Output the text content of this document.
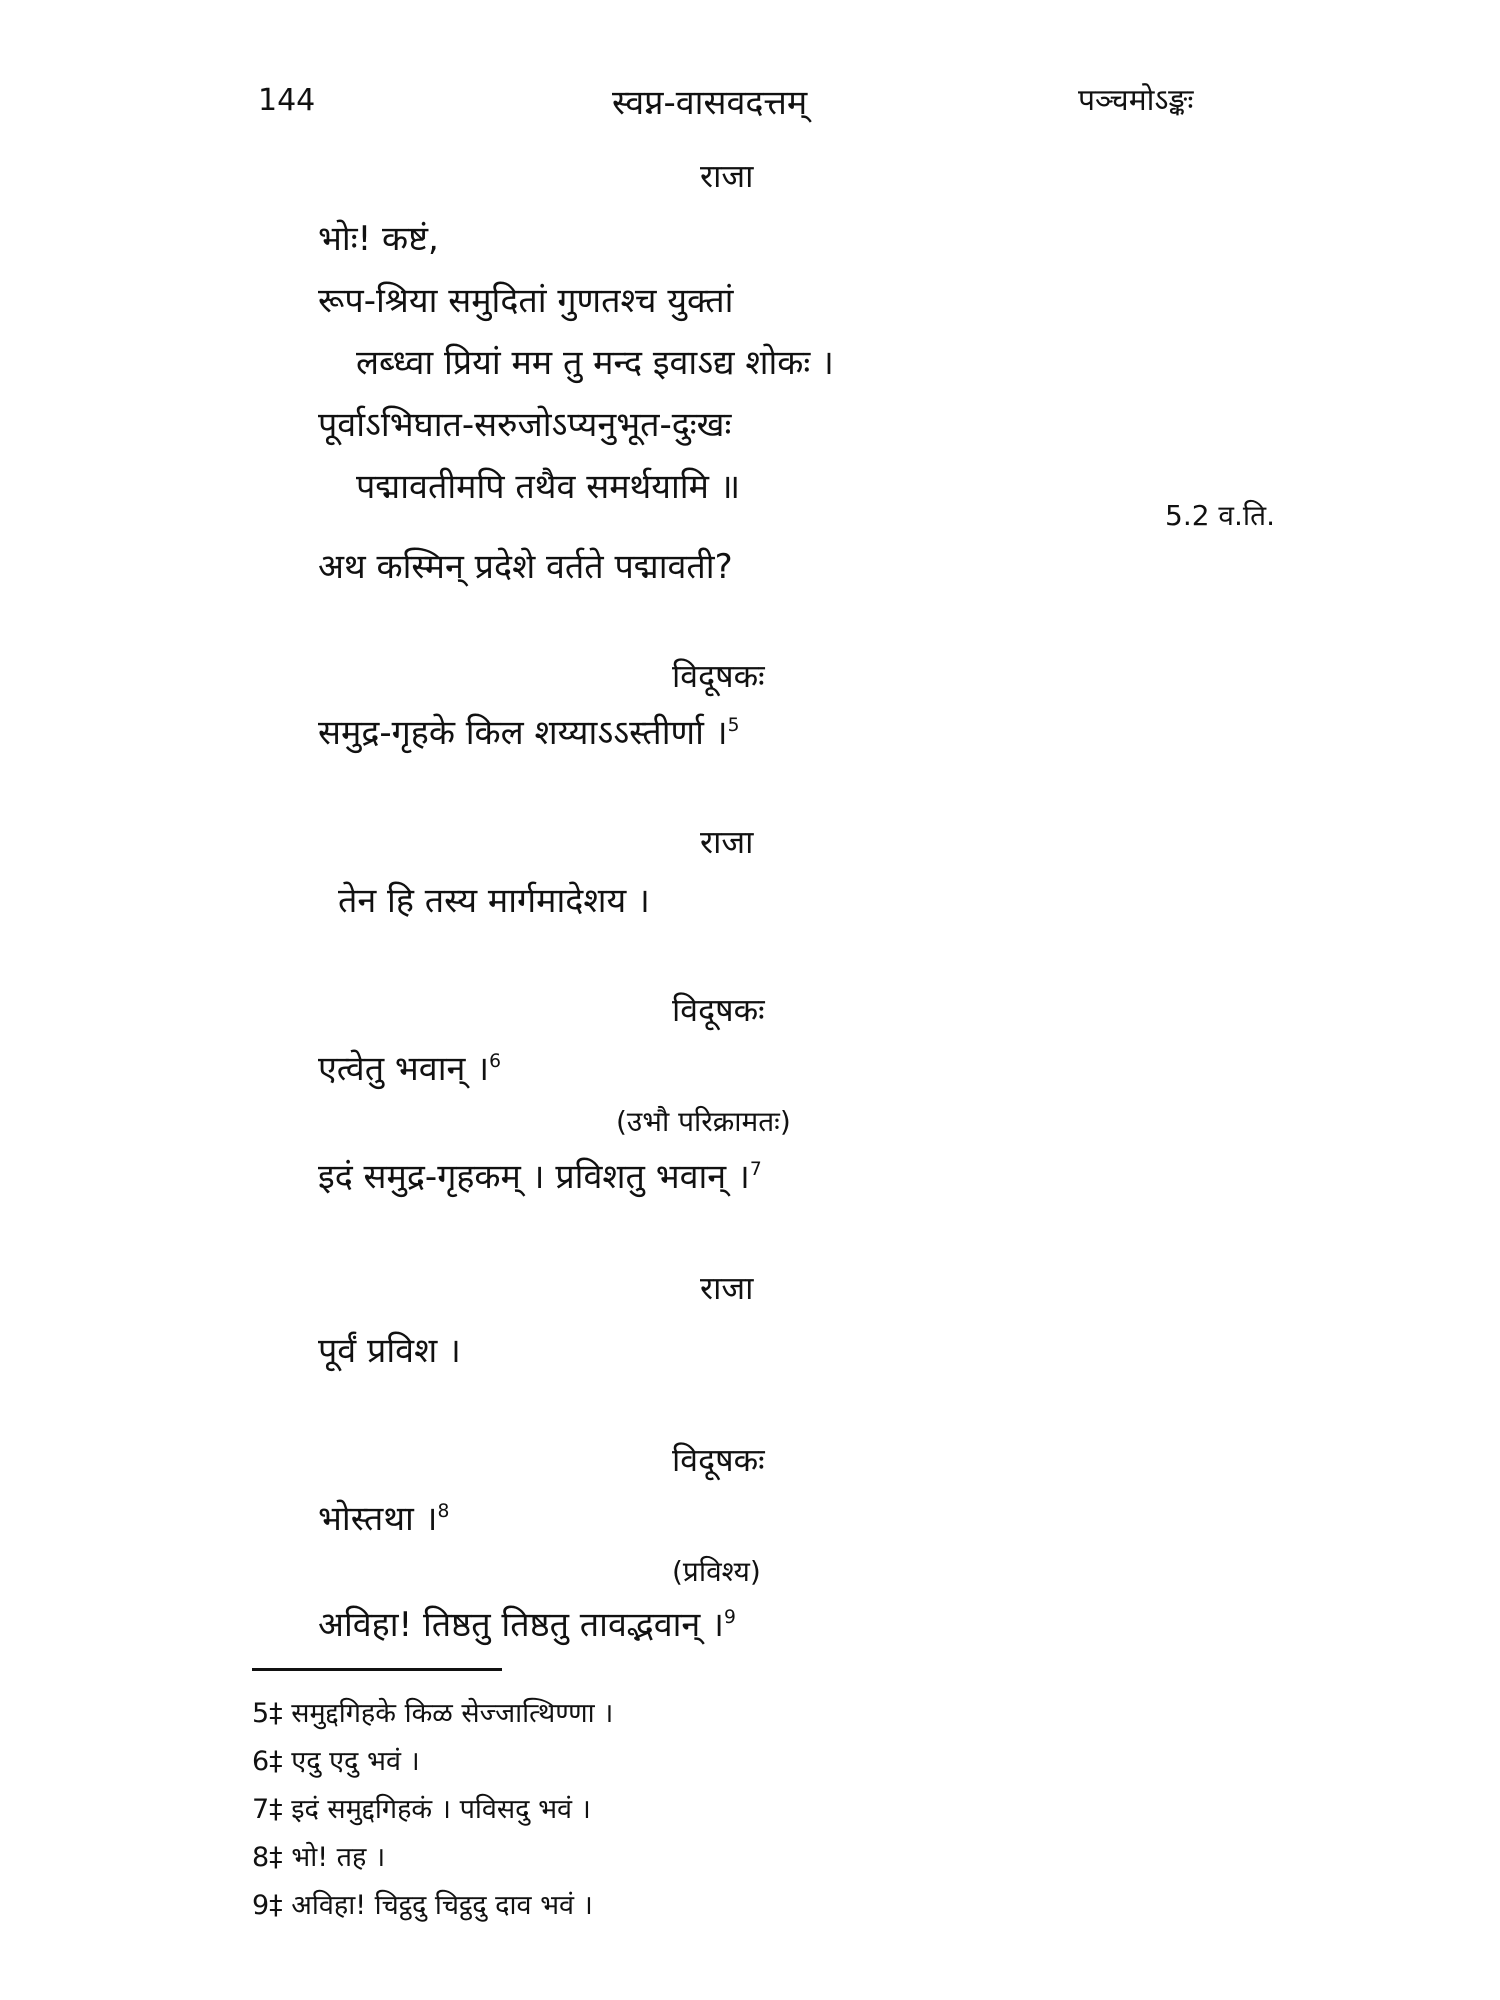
144	स्वप्न-वासवदत्तम्	पञ्चमोऽङ्कः
राजा
भोः! कष्टं,
रूप-श्रिया समुदितां गुणतश्च युक्तां
लब्ध्वा प्रियां मम तु मन्द इवाऽद्य शोकः ।
पूर्वाऽभिघात-सरुजोऽप्यनुभूत-दुःखः
पद्मावतीमपि तथैव समर्थयामि ॥
5.2 व.ति.
अथ कस्मिन् प्रदेशे वर्तते पद्मावती?
विदूषकः
समुद्र-गृहके किल शय्याऽऽस्तीर्णा ।$^5$
राजा
तेन हि तस्य मार्गमादेशय ।
विदूषकः
एत्वेतु भवान् ।$^6$
(उभौ परिक्रामतः)
इदं समुद्र-गृहकम् । प्रविशतु भवान् ।$^7$
राजा
पूर्वं प्रविश ।
विदूषकः
भोस्तथा ।$^8$
(प्रविश्य)
अविहा! तिष्ठतु तिष्ठतु तावद्भवान् ।$^9$
5‡ समुद्दगिहके किळ सेज्जात्थिण्णा ।
6‡ एदु एदु भवं ।
7‡ इदं समुद्दगिहकं । पविसदु भवं ।
8‡ भो! तह ।
9‡ अविहा! चिट्ठदु चिट्ठदु दाव भवं ।
